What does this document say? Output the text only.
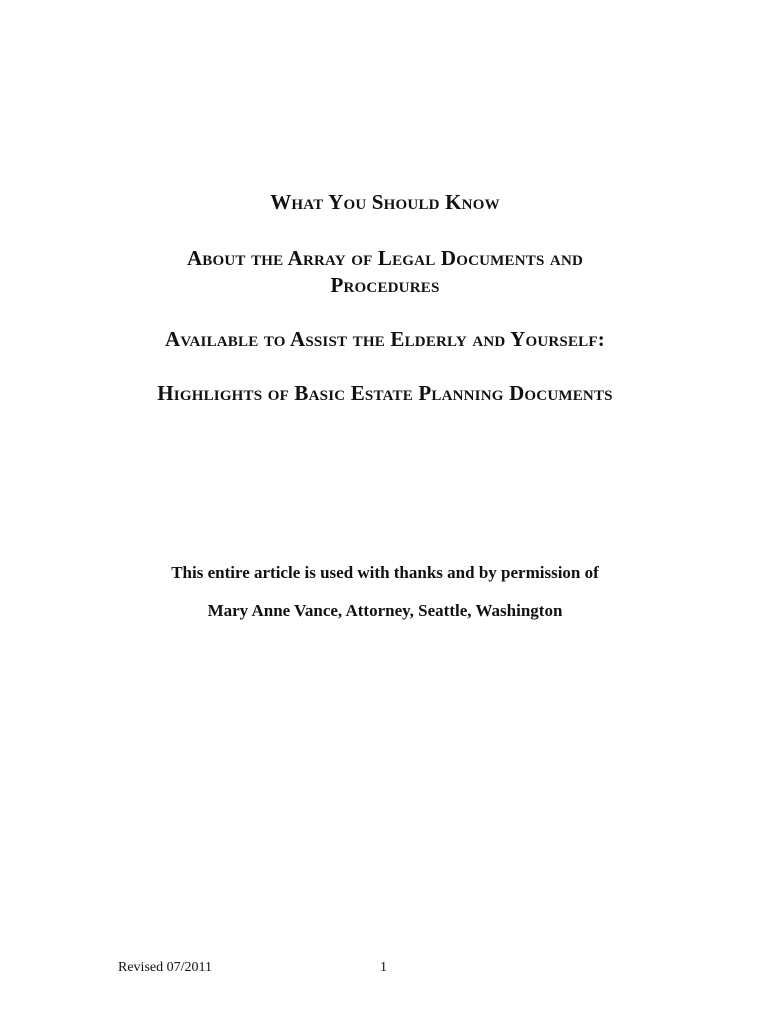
What You Should Know
About the Array of Legal Documents and
Procedures
Available to Assist the Elderly and Yourself:
Highlights of Basic Estate Planning Documents

This entire article is used with thanks and by permission of

Mary Anne Vance, Attorney, Seattle, Washington

Revised 07/2011	1
